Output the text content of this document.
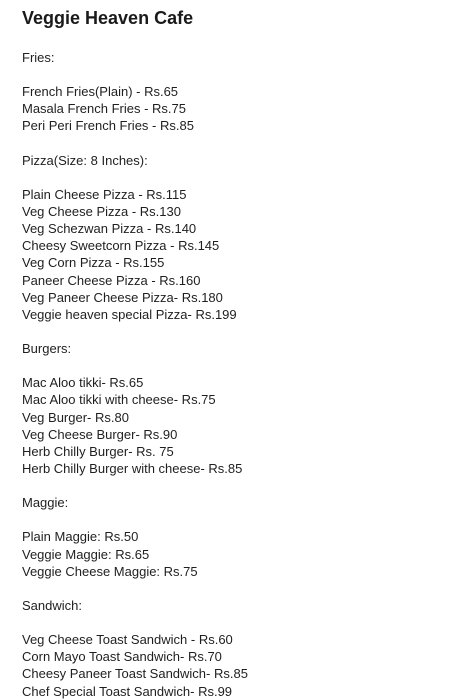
Veggie Heaven Cafe
Fries:
French Fries(Plain) - Rs.65
Masala French Fries - Rs.75
Peri Peri French Fries - Rs.85
Pizza(Size: 8 Inches):
Plain Cheese Pizza - Rs.115
Veg Cheese Pizza - Rs.130
Veg Schezwan Pizza - Rs.140
Cheesy Sweetcorn Pizza - Rs.145
Veg Corn Pizza - Rs.155
Paneer Cheese Pizza - Rs.160
Veg Paneer Cheese Pizza- Rs.180
Veggie heaven special Pizza- Rs.199
Burgers:
Mac Aloo tikki- Rs.65
Mac Aloo tikki with cheese- Rs.75
Veg Burger- Rs.80
Veg Cheese Burger- Rs.90
Herb Chilly Burger- Rs. 75
Herb Chilly Burger with cheese- Rs.85
Maggie:
Plain Maggie: Rs.50
Veggie Maggie: Rs.65
Veggie Cheese Maggie: Rs.75
Sandwich:
Veg Cheese Toast Sandwich - Rs.60
Corn Mayo Toast Sandwich- Rs.70
Cheesy Paneer Toast Sandwich- Rs.85
Chef Special Toast Sandwich- Rs.99
